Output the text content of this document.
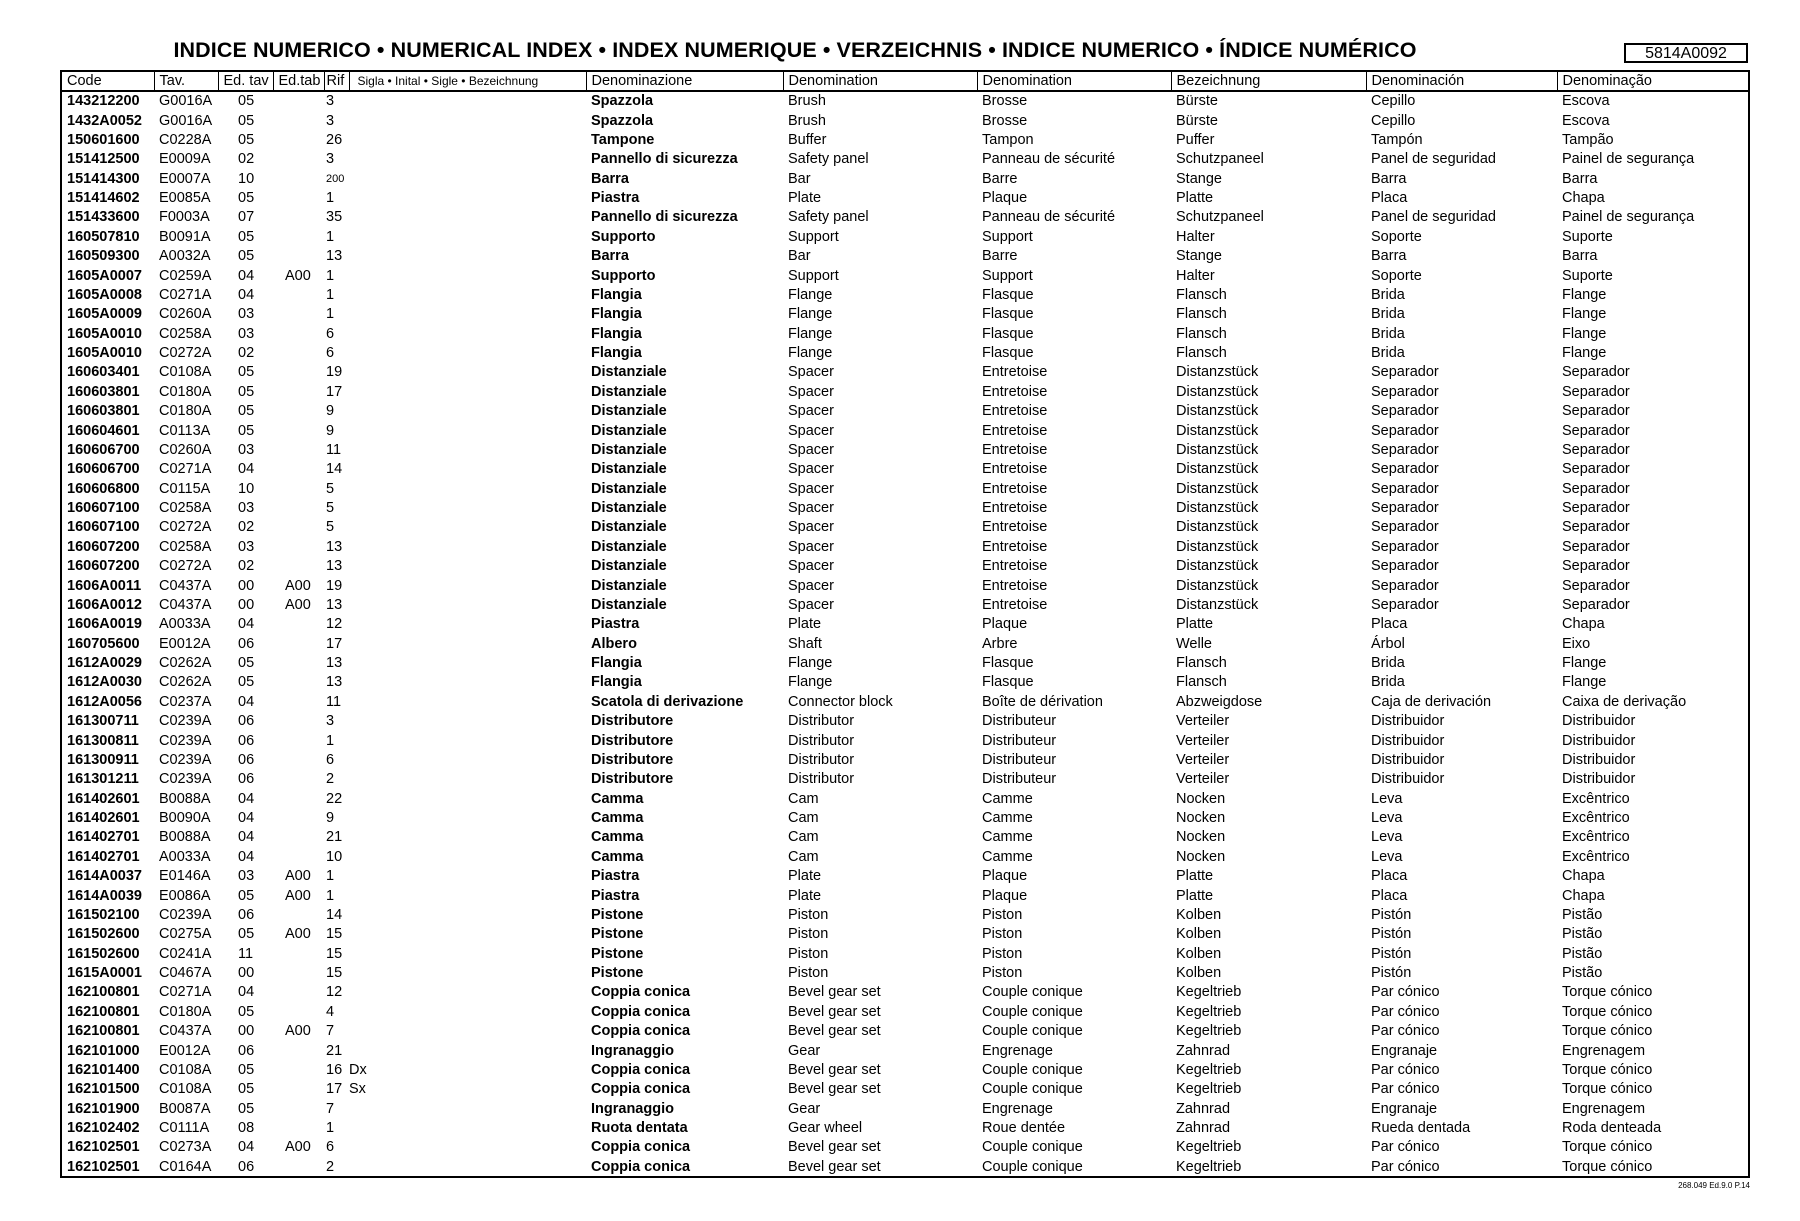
INDICE NUMERICO • NUMERICAL INDEX • INDEX NUMERIQUE • VERZEICHNIS • INDICE NUMERICO • ÍNDICE NUMÉRICO	5814A0092
Code	Tav.	Ed. tav	Ed.tab	Rif	Sigla • Inital • Sigle • Bezeichnung	Denominazione	Denomination	Denomination	Bezeichnung	Denominación	Denominação
143212200	G0016A	05		3		Spazzola	Brush	Brosse	Bürste	Cepillo	Escova
1432A0052	G0016A	05		3		Spazzola	Brush	Brosse	Bürste	Cepillo	Escova
150601600	C0228A	05		26		Tampone	Buffer	Tampon	Puffer	Tampón	Tampão
151412500	E0009A	02		3		Pannello di sicurezza	Safety panel	Panneau de sécurité	Schutzpaneel	Panel de seguridad	Painel de segurança
151414300	E0007A	10		200		Barra	Bar	Barre	Stange	Barra	Barra
151414602	E0085A	05		1		Piastra	Plate	Plaque	Platte	Placa	Chapa
151433600	F0003A	07		35		Pannello di sicurezza	Safety panel	Panneau de sécurité	Schutzpaneel	Panel de seguridad	Painel de segurança
160507810	B0091A	05		1		Supporto	Support	Support	Halter	Soporte	Suporte
160509300	A0032A	05		13		Barra	Bar	Barre	Stange	Barra	Barra
1605A0007	C0259A	04	A00	1		Supporto	Support	Support	Halter	Soporte	Suporte
1605A0008	C0271A	04		1		Flangia	Flange	Flasque	Flansch	Brida	Flange
1605A0009	C0260A	03		1		Flangia	Flange	Flasque	Flansch	Brida	Flange
1605A0010	C0258A	03		6		Flangia	Flange	Flasque	Flansch	Brida	Flange
1605A0010	C0272A	02		6		Flangia	Flange	Flasque	Flansch	Brida	Flange
160603401	C0108A	05		19		Distanziale	Spacer	Entretoise	Distanzstück	Separador	Separador
160603801	C0180A	05		17		Distanziale	Spacer	Entretoise	Distanzstück	Separador	Separador
160603801	C0180A	05		9		Distanziale	Spacer	Entretoise	Distanzstück	Separador	Separador
160604601	C0113A	05		9		Distanziale	Spacer	Entretoise	Distanzstück	Separador	Separador
160606700	C0260A	03		11		Distanziale	Spacer	Entretoise	Distanzstück	Separador	Separador
160606700	C0271A	04		14		Distanziale	Spacer	Entretoise	Distanzstück	Separador	Separador
160606800	C0115A	10		5		Distanziale	Spacer	Entretoise	Distanzstück	Separador	Separador
160607100	C0258A	03		5		Distanziale	Spacer	Entretoise	Distanzstück	Separador	Separador
160607100	C0272A	02		5		Distanziale	Spacer	Entretoise	Distanzstück	Separador	Separador
160607200	C0258A	03		13		Distanziale	Spacer	Entretoise	Distanzstück	Separador	Separador
160607200	C0272A	02		13		Distanziale	Spacer	Entretoise	Distanzstück	Separador	Separador
1606A0011	C0437A	00	A00	19		Distanziale	Spacer	Entretoise	Distanzstück	Separador	Separador
1606A0012	C0437A	00	A00	13		Distanziale	Spacer	Entretoise	Distanzstück	Separador	Separador
1606A0019	A0033A	04		12		Piastra	Plate	Plaque	Platte	Placa	Chapa
160705600	E0012A	06		17		Albero	Shaft	Arbre	Welle	Árbol	Eixo
1612A0029	C0262A	05		13		Flangia	Flange	Flasque	Flansch	Brida	Flange
1612A0030	C0262A	05		13		Flangia	Flange	Flasque	Flansch	Brida	Flange
1612A0056	C0237A	04		11		Scatola di derivazione	Connector block	Boîte de dérivation	Abzweigdose	Caja de derivación	Caixa de derivação
161300711	C0239A	06		3		Distributore	Distributor	Distributeur	Verteiler	Distribuidor	Distribuidor
161300811	C0239A	06		1		Distributore	Distributor	Distributeur	Verteiler	Distribuidor	Distribuidor
161300911	C0239A	06		6		Distributore	Distributor	Distributeur	Verteiler	Distribuidor	Distribuidor
161301211	C0239A	06		2		Distributore	Distributor	Distributeur	Verteiler	Distribuidor	Distribuidor
161402601	B0088A	04		22		Camma	Cam	Camme	Nocken	Leva	Excêntrico
161402601	B0090A	04		9		Camma	Cam	Camme	Nocken	Leva	Excêntrico
161402701	B0088A	04		21		Camma	Cam	Camme	Nocken	Leva	Excêntrico
161402701	A0033A	04		10		Camma	Cam	Camme	Nocken	Leva	Excêntrico
1614A0037	E0146A	03	A00	1		Piastra	Plate	Plaque	Platte	Placa	Chapa
1614A0039	E0086A	05	A00	1		Piastra	Plate	Plaque	Platte	Placa	Chapa
161502100	C0239A	06		14		Pistone	Piston	Piston	Kolben	Pistón	Pistão
161502600	C0275A	05	A00	15		Pistone	Piston	Piston	Kolben	Pistón	Pistão
161502600	C0241A	11		15		Pistone	Piston	Piston	Kolben	Pistón	Pistão
1615A0001	C0467A	00		15		Pistone	Piston	Piston	Kolben	Pistón	Pistão
162100801	C0271A	04		12		Coppia conica	Bevel gear set	Couple conique	Kegeltrieb	Par cónico	Torque cónico
162100801	C0180A	05		4		Coppia conica	Bevel gear set	Couple conique	Kegeltrieb	Par cónico	Torque cónico
162100801	C0437A	00	A00	7		Coppia conica	Bevel gear set	Couple conique	Kegeltrieb	Par cónico	Torque cónico
162101000	E0012A	06		21		Ingranaggio	Gear	Engrenage	Zahnrad	Engranaje	Engrenagem
162101400	C0108A	05		16	Dx	Coppia conica	Bevel gear set	Couple conique	Kegeltrieb	Par cónico	Torque cónico
162101500	C0108A	05		17	Sx	Coppia conica	Bevel gear set	Couple conique	Kegeltrieb	Par cónico	Torque cónico
162101900	B0087A	05		7		Ingranaggio	Gear	Engrenage	Zahnrad	Engranaje	Engrenagem
162102402	C0111A	08		1		Ruota dentata	Gear wheel	Roue dentée	Zahnrad	Rueda dentada	Roda denteada
162102501	C0273A	04	A00	6		Coppia conica	Bevel gear set	Couple conique	Kegeltrieb	Par cónico	Torque cónico
162102501	C0164A	06		2		Coppia conica	Bevel gear set	Couple conique	Kegeltrieb	Par cónico	Torque cónico
268.049 Ed.9.0 P.14
